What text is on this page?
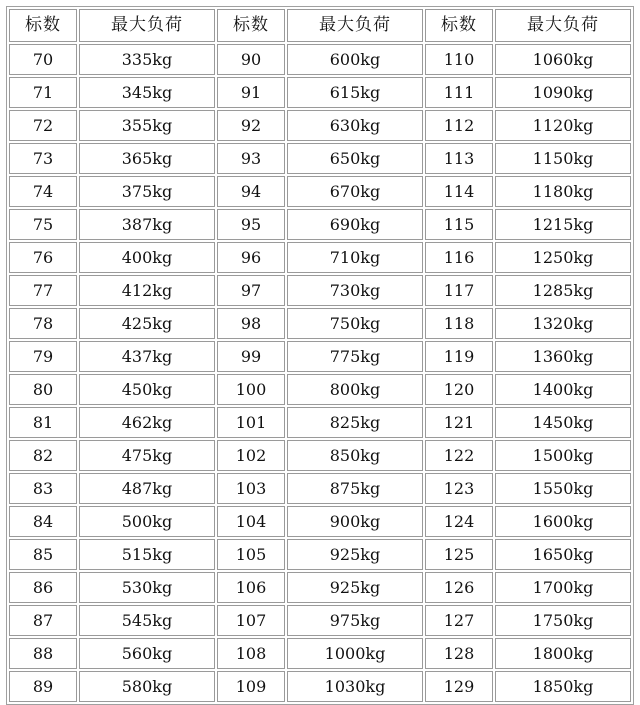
标数	最大负荷	标数	最大负荷	标数	最大负荷
70	335kg	90	600kg	110	1060kg
71	345kg	91	615kg	111	1090kg
72	355kg	92	630kg	112	1120kg
73	365kg	93	650kg	113	1150kg
74	375kg	94	670kg	114	1180kg
75	387kg	95	690kg	115	1215kg
76	400kg	96	710kg	116	1250kg
77	412kg	97	730kg	117	1285kg
78	425kg	98	750kg	118	1320kg
79	437kg	99	775kg	119	1360kg
80	450kg	100	800kg	120	1400kg
81	462kg	101	825kg	121	1450kg
82	475kg	102	850kg	122	1500kg
83	487kg	103	875kg	123	1550kg
84	500kg	104	900kg	124	1600kg
85	515kg	105	925kg	125	1650kg
86	530kg	106	925kg	126	1700kg
87	545kg	107	975kg	127	1750kg
88	560kg	108	1000kg	128	1800kg
89	580kg	109	1030kg	129	1850kg
